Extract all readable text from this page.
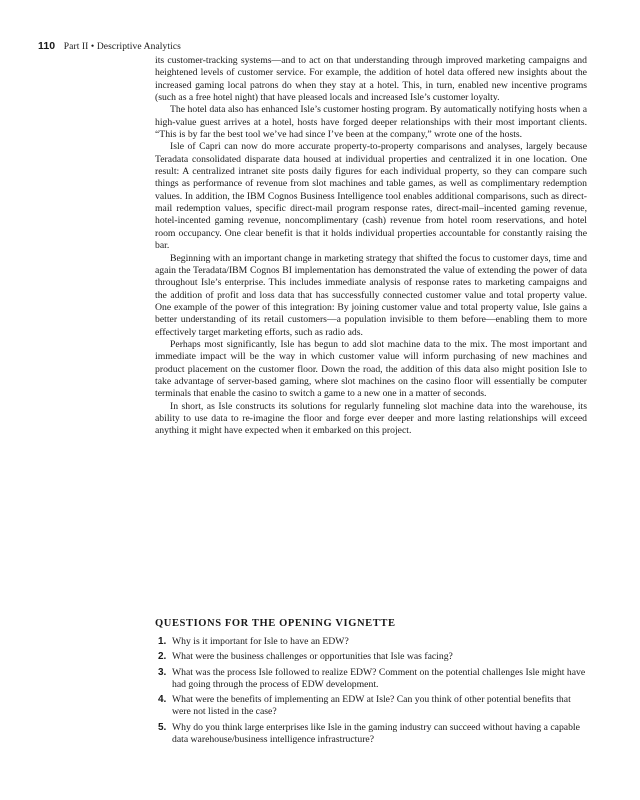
110 Part II • Descriptive Analytics

its customer-tracking systems—and to act on that understanding through improved marketing campaigns and heightened levels of customer service. For example, the addition of hotel data offered new insights about the increased gaming local patrons do when they stay at a hotel. This, in turn, enabled new incentive programs (such as a free hotel night) that have pleased locals and increased Isle’s customer loyalty.

The hotel data also has enhanced Isle’s customer hosting program. By automatically notifying hosts when a high-value guest arrives at a hotel, hosts have forged deeper relationships with their most important clients. “This is by far the best tool we’ve had since I’ve been at the company,” wrote one of the hosts.

Isle of Capri can now do more accurate property-to-property comparisons and analyses, largely because Teradata consolidated disparate data housed at individual properties and centralized it in one location. One result: A centralized intranet site posts daily figures for each individual property, so they can compare such things as performance of revenue from slot machines and table games, as well as complimentary redemption values. In addition, the IBM Cognos Business Intelligence tool enables additional comparisons, such as direct-mail redemption values, specific direct-mail program response rates, direct-mail–incented gaming revenue, hotel-incented gaming revenue, noncomplimentary (cash) revenue from hotel room reservations, and hotel room occupancy. One clear benefit is that it holds individual properties accountable for constantly raising the bar.

Beginning with an important change in marketing strategy that shifted the focus to customer days, time and again the Teradata/IBM Cognos BI implementation has demonstrated the value of extending the power of data throughout Isle’s enterprise. This includes immediate analysis of response rates to marketing campaigns and the addition of profit and loss data that has successfully connected customer value and total property value. One example of the power of this integration: By joining customer value and total property value, Isle gains a better understanding of its retail customers—a population invisible to them before—enabling them to more effectively target marketing efforts, such as radio ads.

Perhaps most significantly, Isle has begun to add slot machine data to the mix. The most important and immediate impact will be the way in which customer value will inform purchasing of new machines and product placement on the customer floor. Down the road, the addition of this data also might position Isle to take advantage of server-based gaming, where slot machines on the casino floor will essentially be computer terminals that enable the casino to switch a game to a new one in a matter of seconds.

In short, as Isle constructs its solutions for regularly funneling slot machine data into the warehouse, its ability to use data to re-imagine the floor and forge ever deeper and more lasting relationships will exceed anything it might have expected when it embarked on this project.

QUESTIONS FOR THE OPENING VIGNETTE
1. Why is it important for Isle to have an EDW?
2. What were the business challenges or opportunities that Isle was facing?
3. What was the process Isle followed to realize EDW? Comment on the potential challenges Isle might have had going through the process of EDW development.
4. What were the benefits of implementing an EDW at Isle? Can you think of other potential benefits that were not listed in the case?
5. Why do you think large enterprises like Isle in the gaming industry can succeed without having a capable data warehouse/business intelligence infrastructure?
